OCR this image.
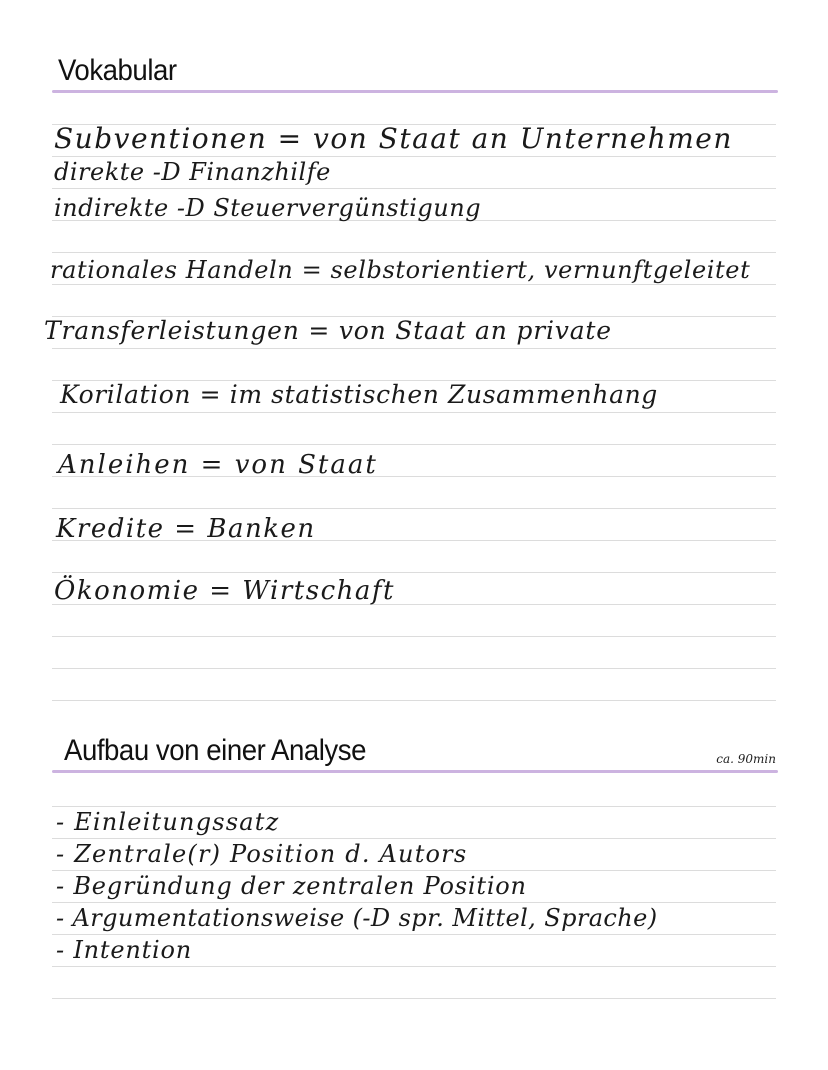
Vokabular
Subventionen = von Staat an Unternehmen
direkte -D Finanzhilfe
indirekte -D Steuervergünstigung
rationales Handeln = selbstorientiert, vernunftgeleitet
Transferleistungen = von Staat an private
Korilation = im statistischen Zusammenhang
Anleihen = von Staat
Kredite = Banken
Ökonomie = Wirtschaft
Aufbau von einer Analyse	ca. 90min
- Einleitungssatz
- Zentrale(r) Position d. Autors
- Begründung der zentralen Position
- Argumentationsweise (-D spr. Mittel, Sprache)
- Intention
